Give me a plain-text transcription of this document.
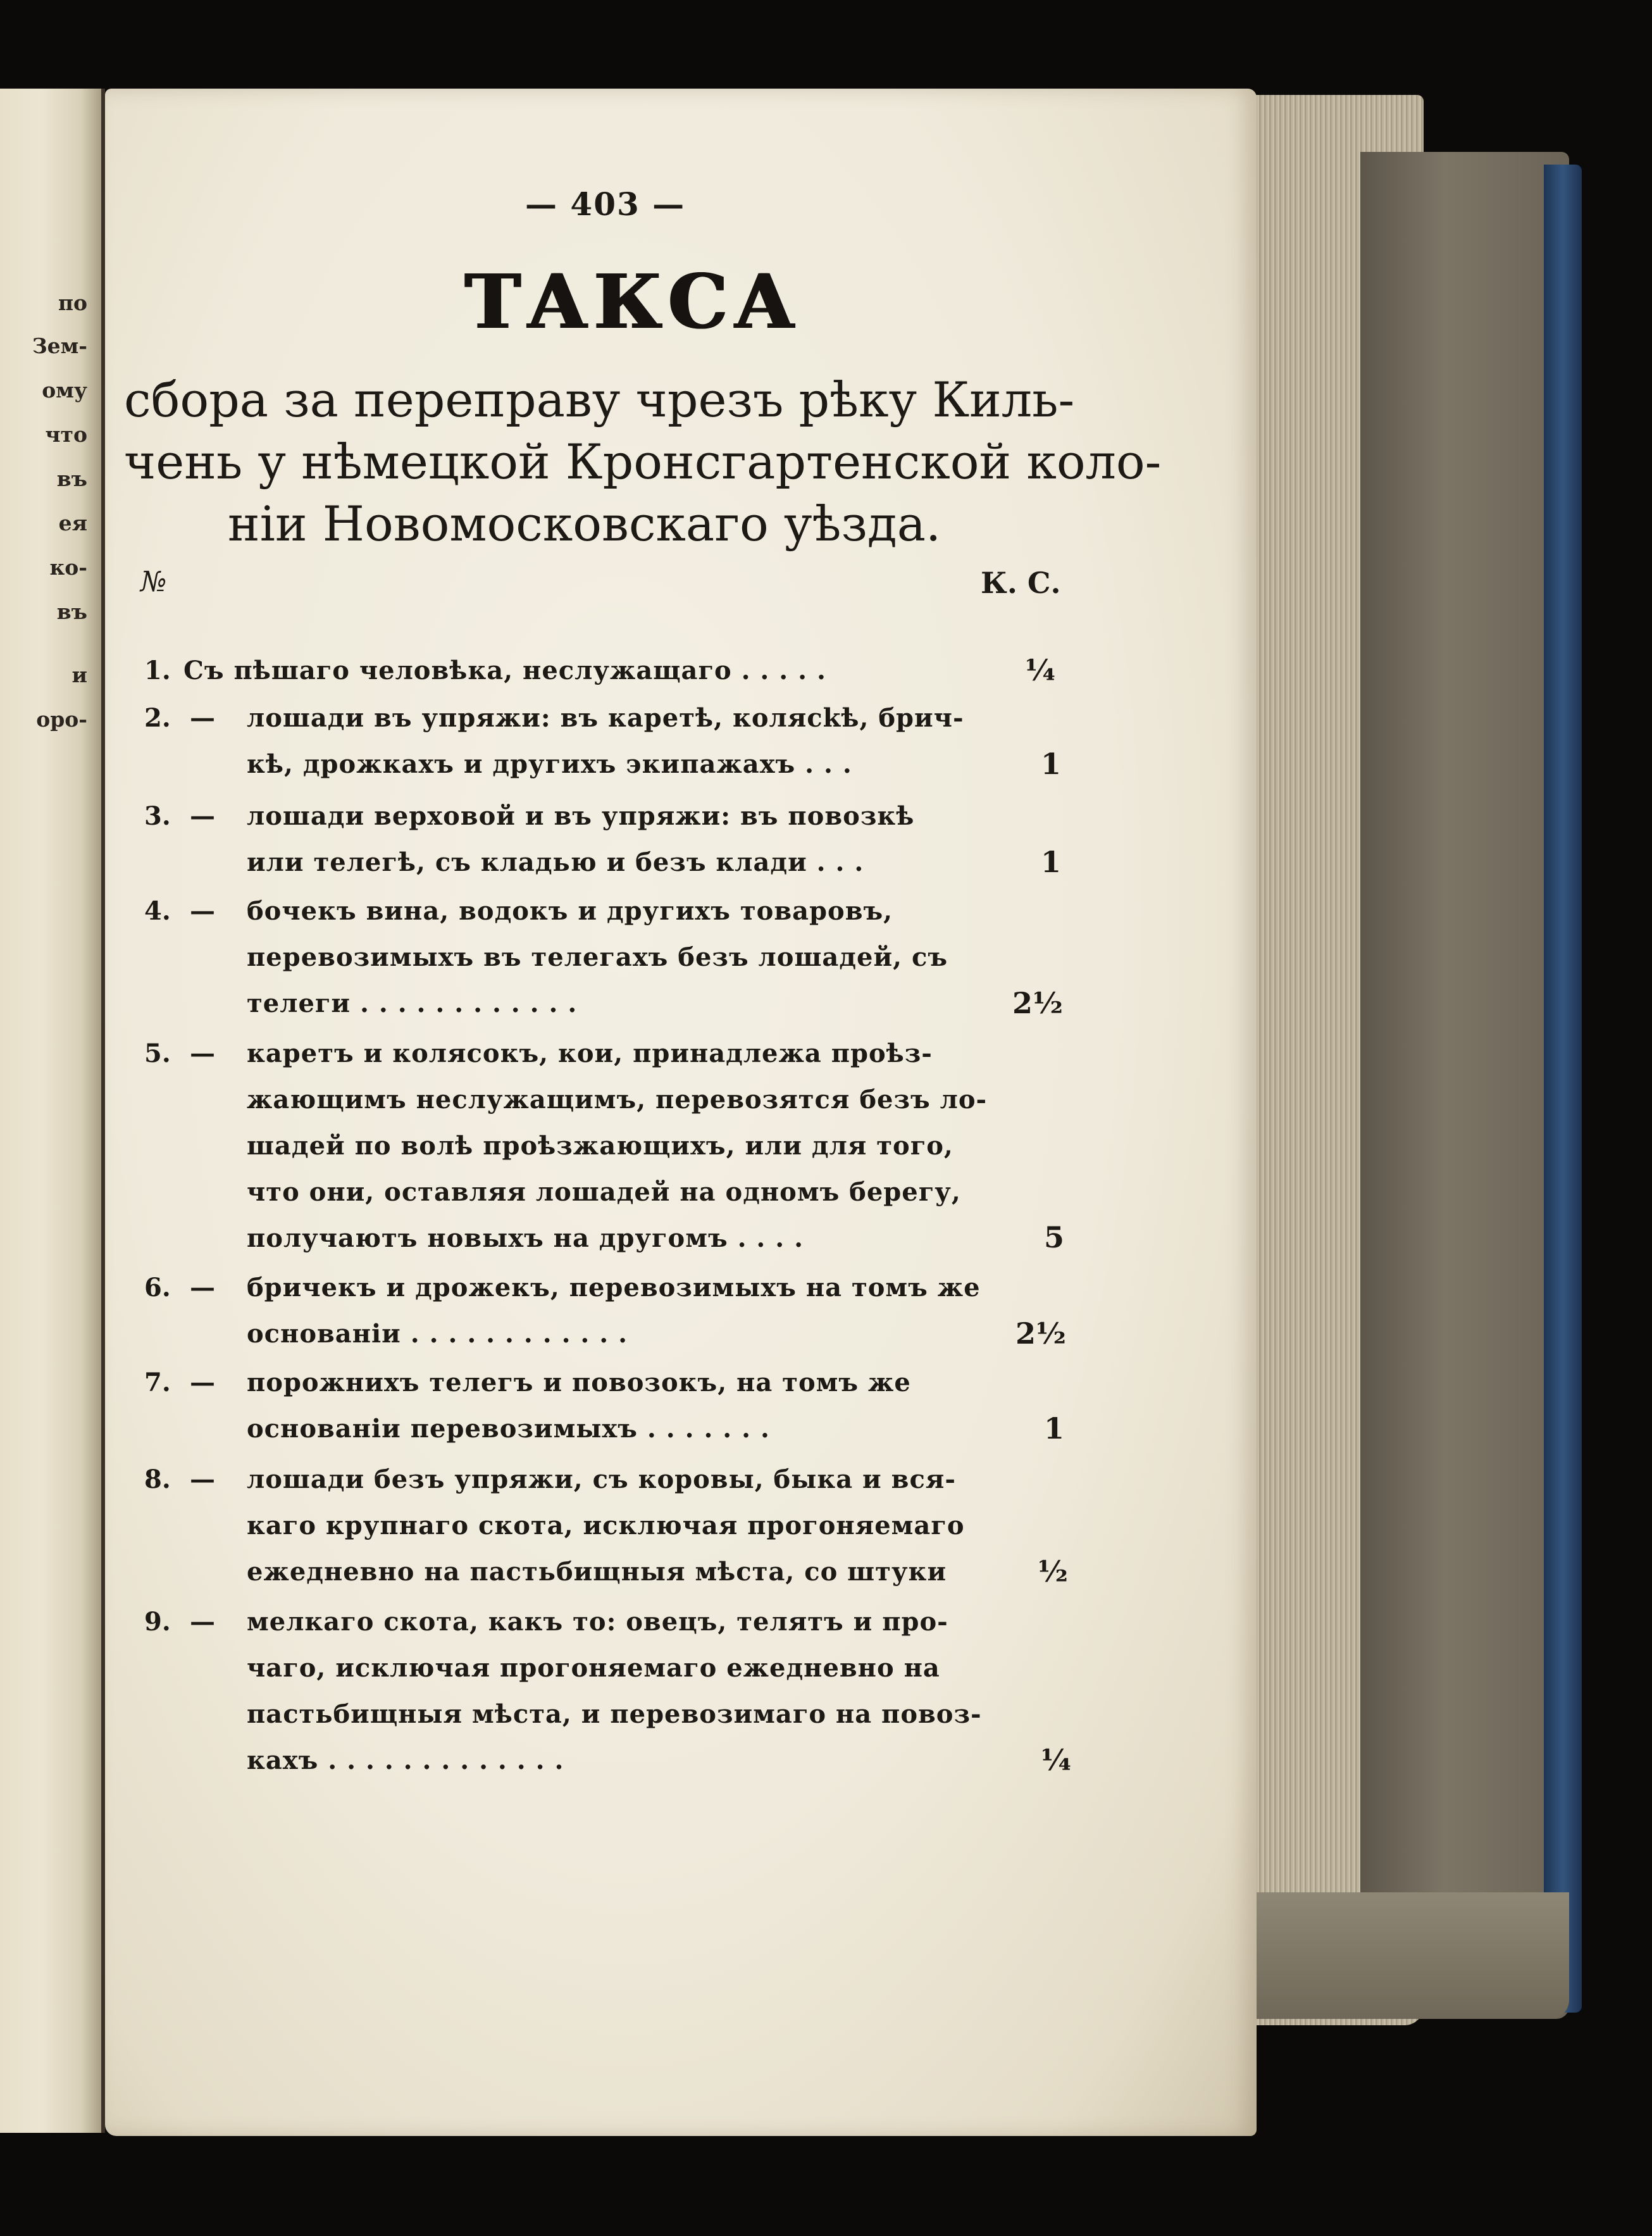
по
Зем-
ому
что
въ
ея
ко-
въ
и
оро-
— 403 —
ТАКСА
сбора за переправу чрезъ рѣку Киль-
чень у нѣмецкой Кронсгартенской коло-
ніи Новомосковскаго уѣзда.
№	К. С.
1. Съ пѣшаго человѣка, неслужащаго . . . . .	¼
2. — лошади въ упряжи: въ каретѣ, колясkѣ, брич-
кѣ, дрожкахъ и другихъ экипажахъ . . .	1
3. — лошади верховой и въ упряжи: въ повозкѣ
или телегѣ, съ кладью и безъ клади . . .	1
4. — бочекъ вина, водокъ и другихъ товаровъ,
перевозимыхъ въ телегахъ безъ лошадей, съ
телеги . . . . . . . . . . . .	2½
5. — каретъ и колясокъ, кои, принадлежа проѣз-
жающимъ неслужащимъ, перевозятся безъ ло-
шадей по волѣ проѣзжающихъ, или для того,
что они, оставляя лошадей на одномъ берегу,
получаютъ новыхъ на другомъ . . . .	5
6. — бричекъ и дрожекъ, перевозимыхъ на томъ же
основаніи . . . . . . . . . . . .	2½
7. — порожнихъ телегъ и повозокъ, на томъ же
основаніи перевозимыхъ . . . . . . .	1
8. — лошади безъ упряжи, съ коровы, быка и вся-
каго крупнаго скота, исключая прогоняемаго
ежедневно на пастьбищныя мѣста, со штуки	½
9. — мелкаго скота, какъ то: овецъ, телятъ и про-
чаго, исключая прогоняемаго ежедневно на
пастьбищныя мѣста, и перевозимаго на повоз-
кахъ . . . . . . . . . . . . .	¼
